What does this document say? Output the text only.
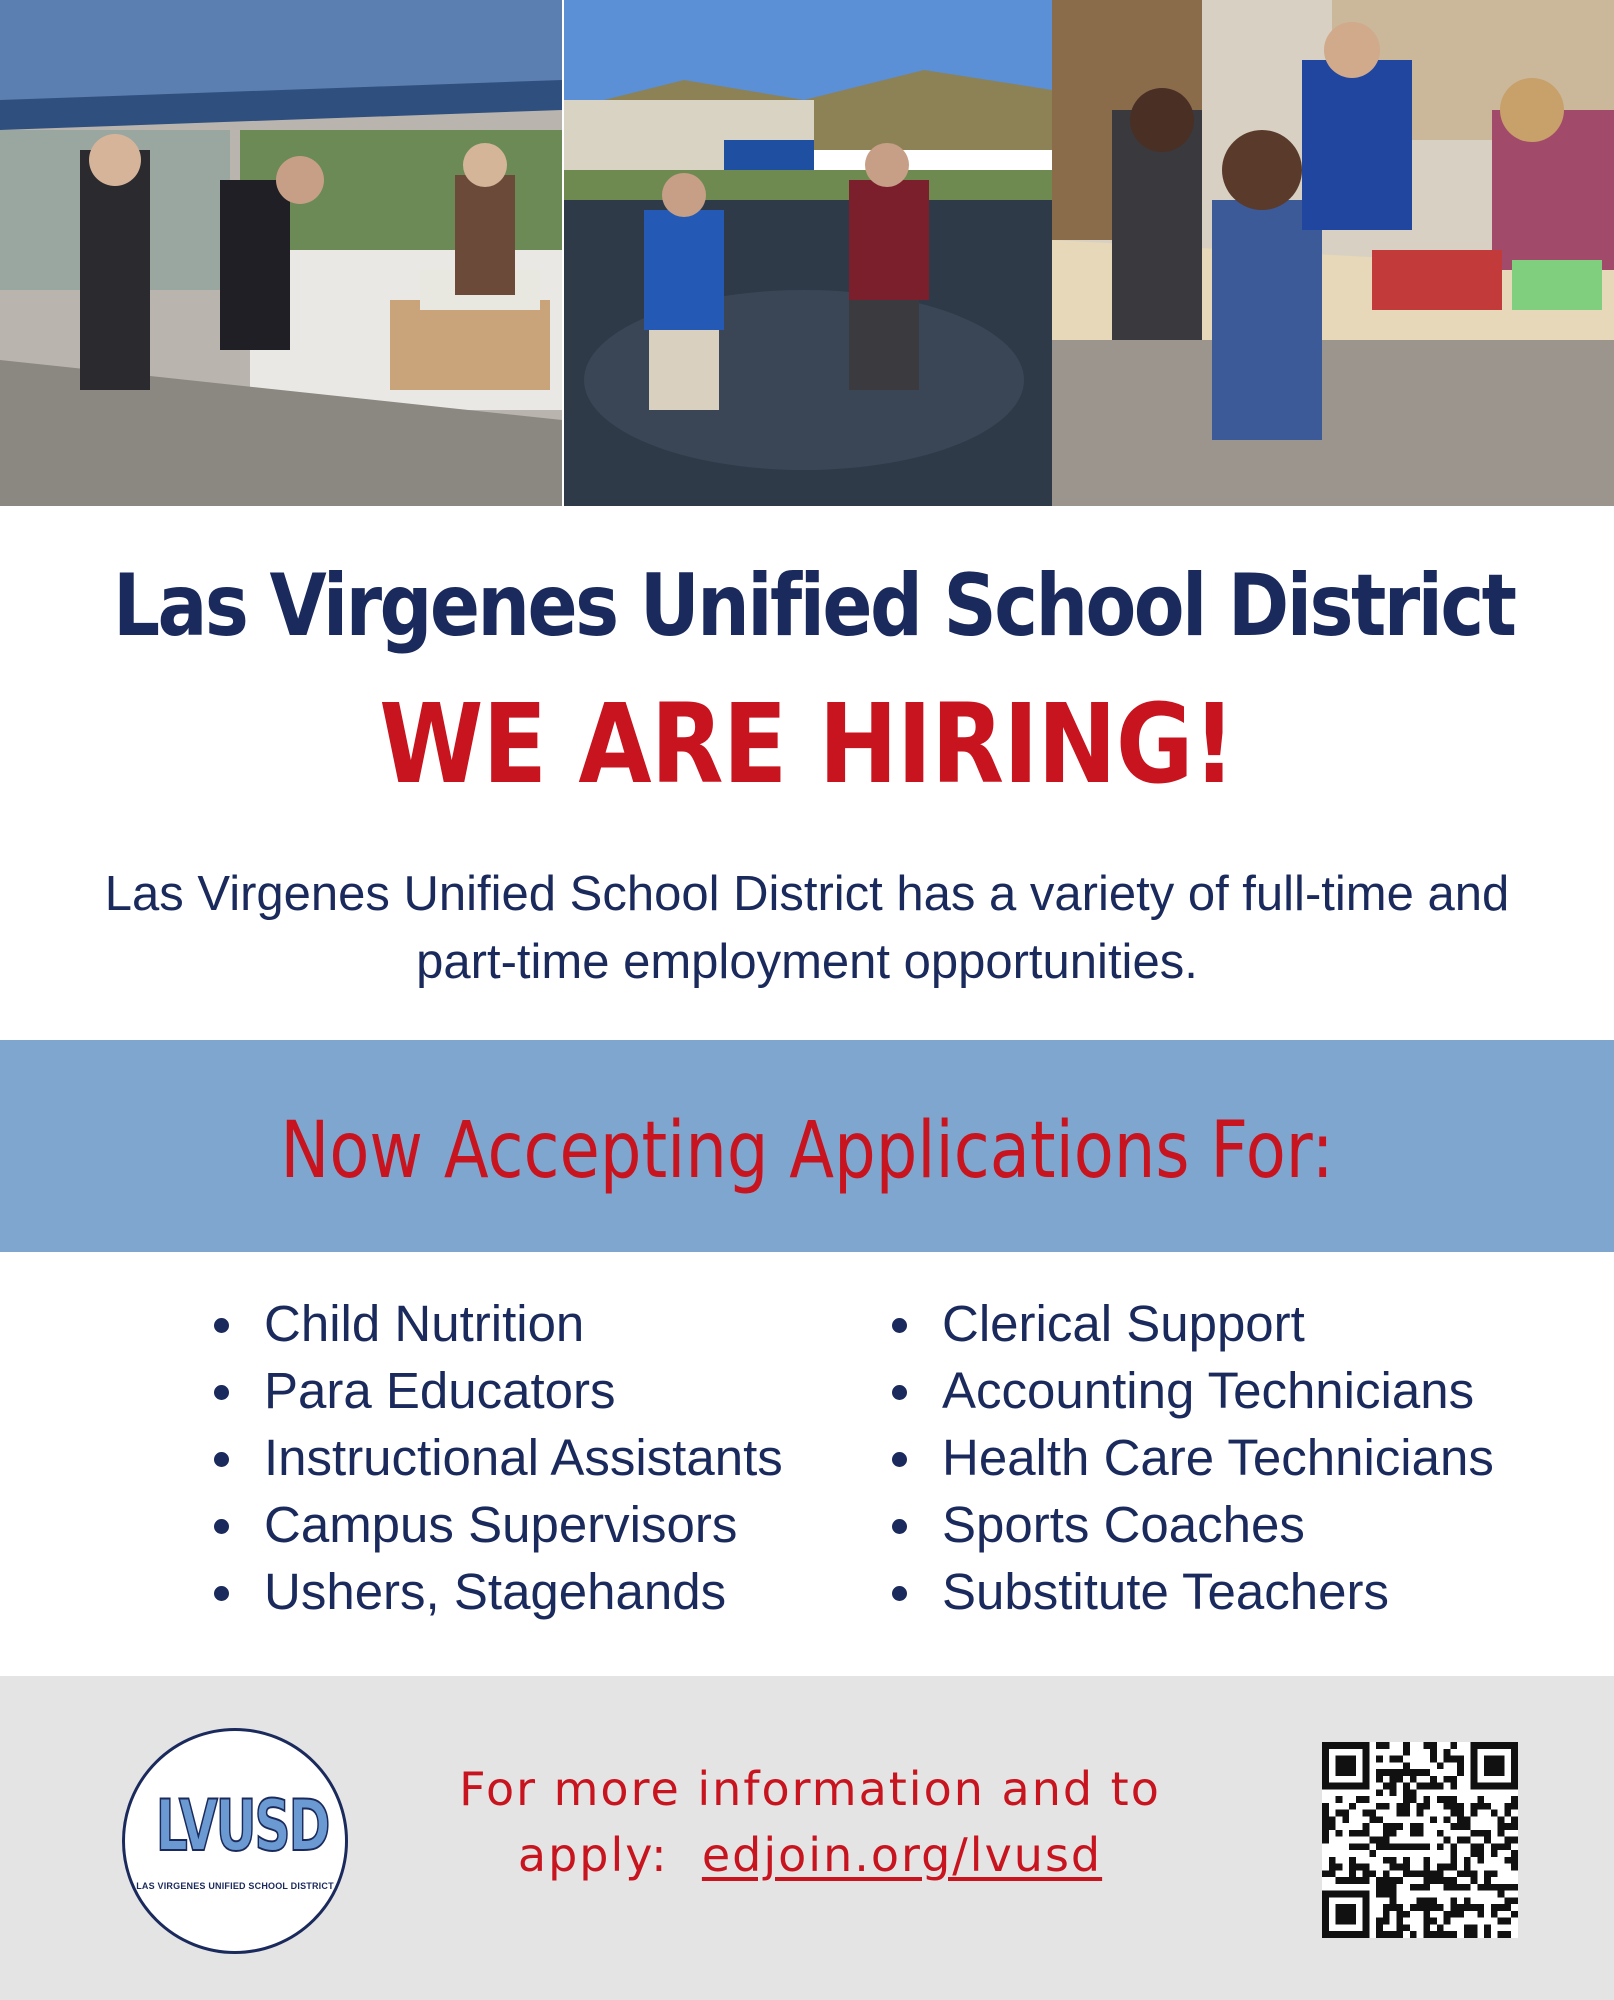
Las Virgenes Unified School District
WE ARE HIRING!
Las Virgenes Unified School District has a variety of full-time and part-time employment opportunities.
Now Accepting Applications For:
Child Nutrition
Para Educators
Instructional Assistants
Campus Supervisors
Ushers, Stagehands
Clerical Support
Accounting Technicians
Health Care Technicians
Sports Coaches
Substitute Teachers
LVUSD
LAS VIRGENES UNIFIED SCHOOL DISTRICT
For more information and to
apply: edjoin.org/lvusd
